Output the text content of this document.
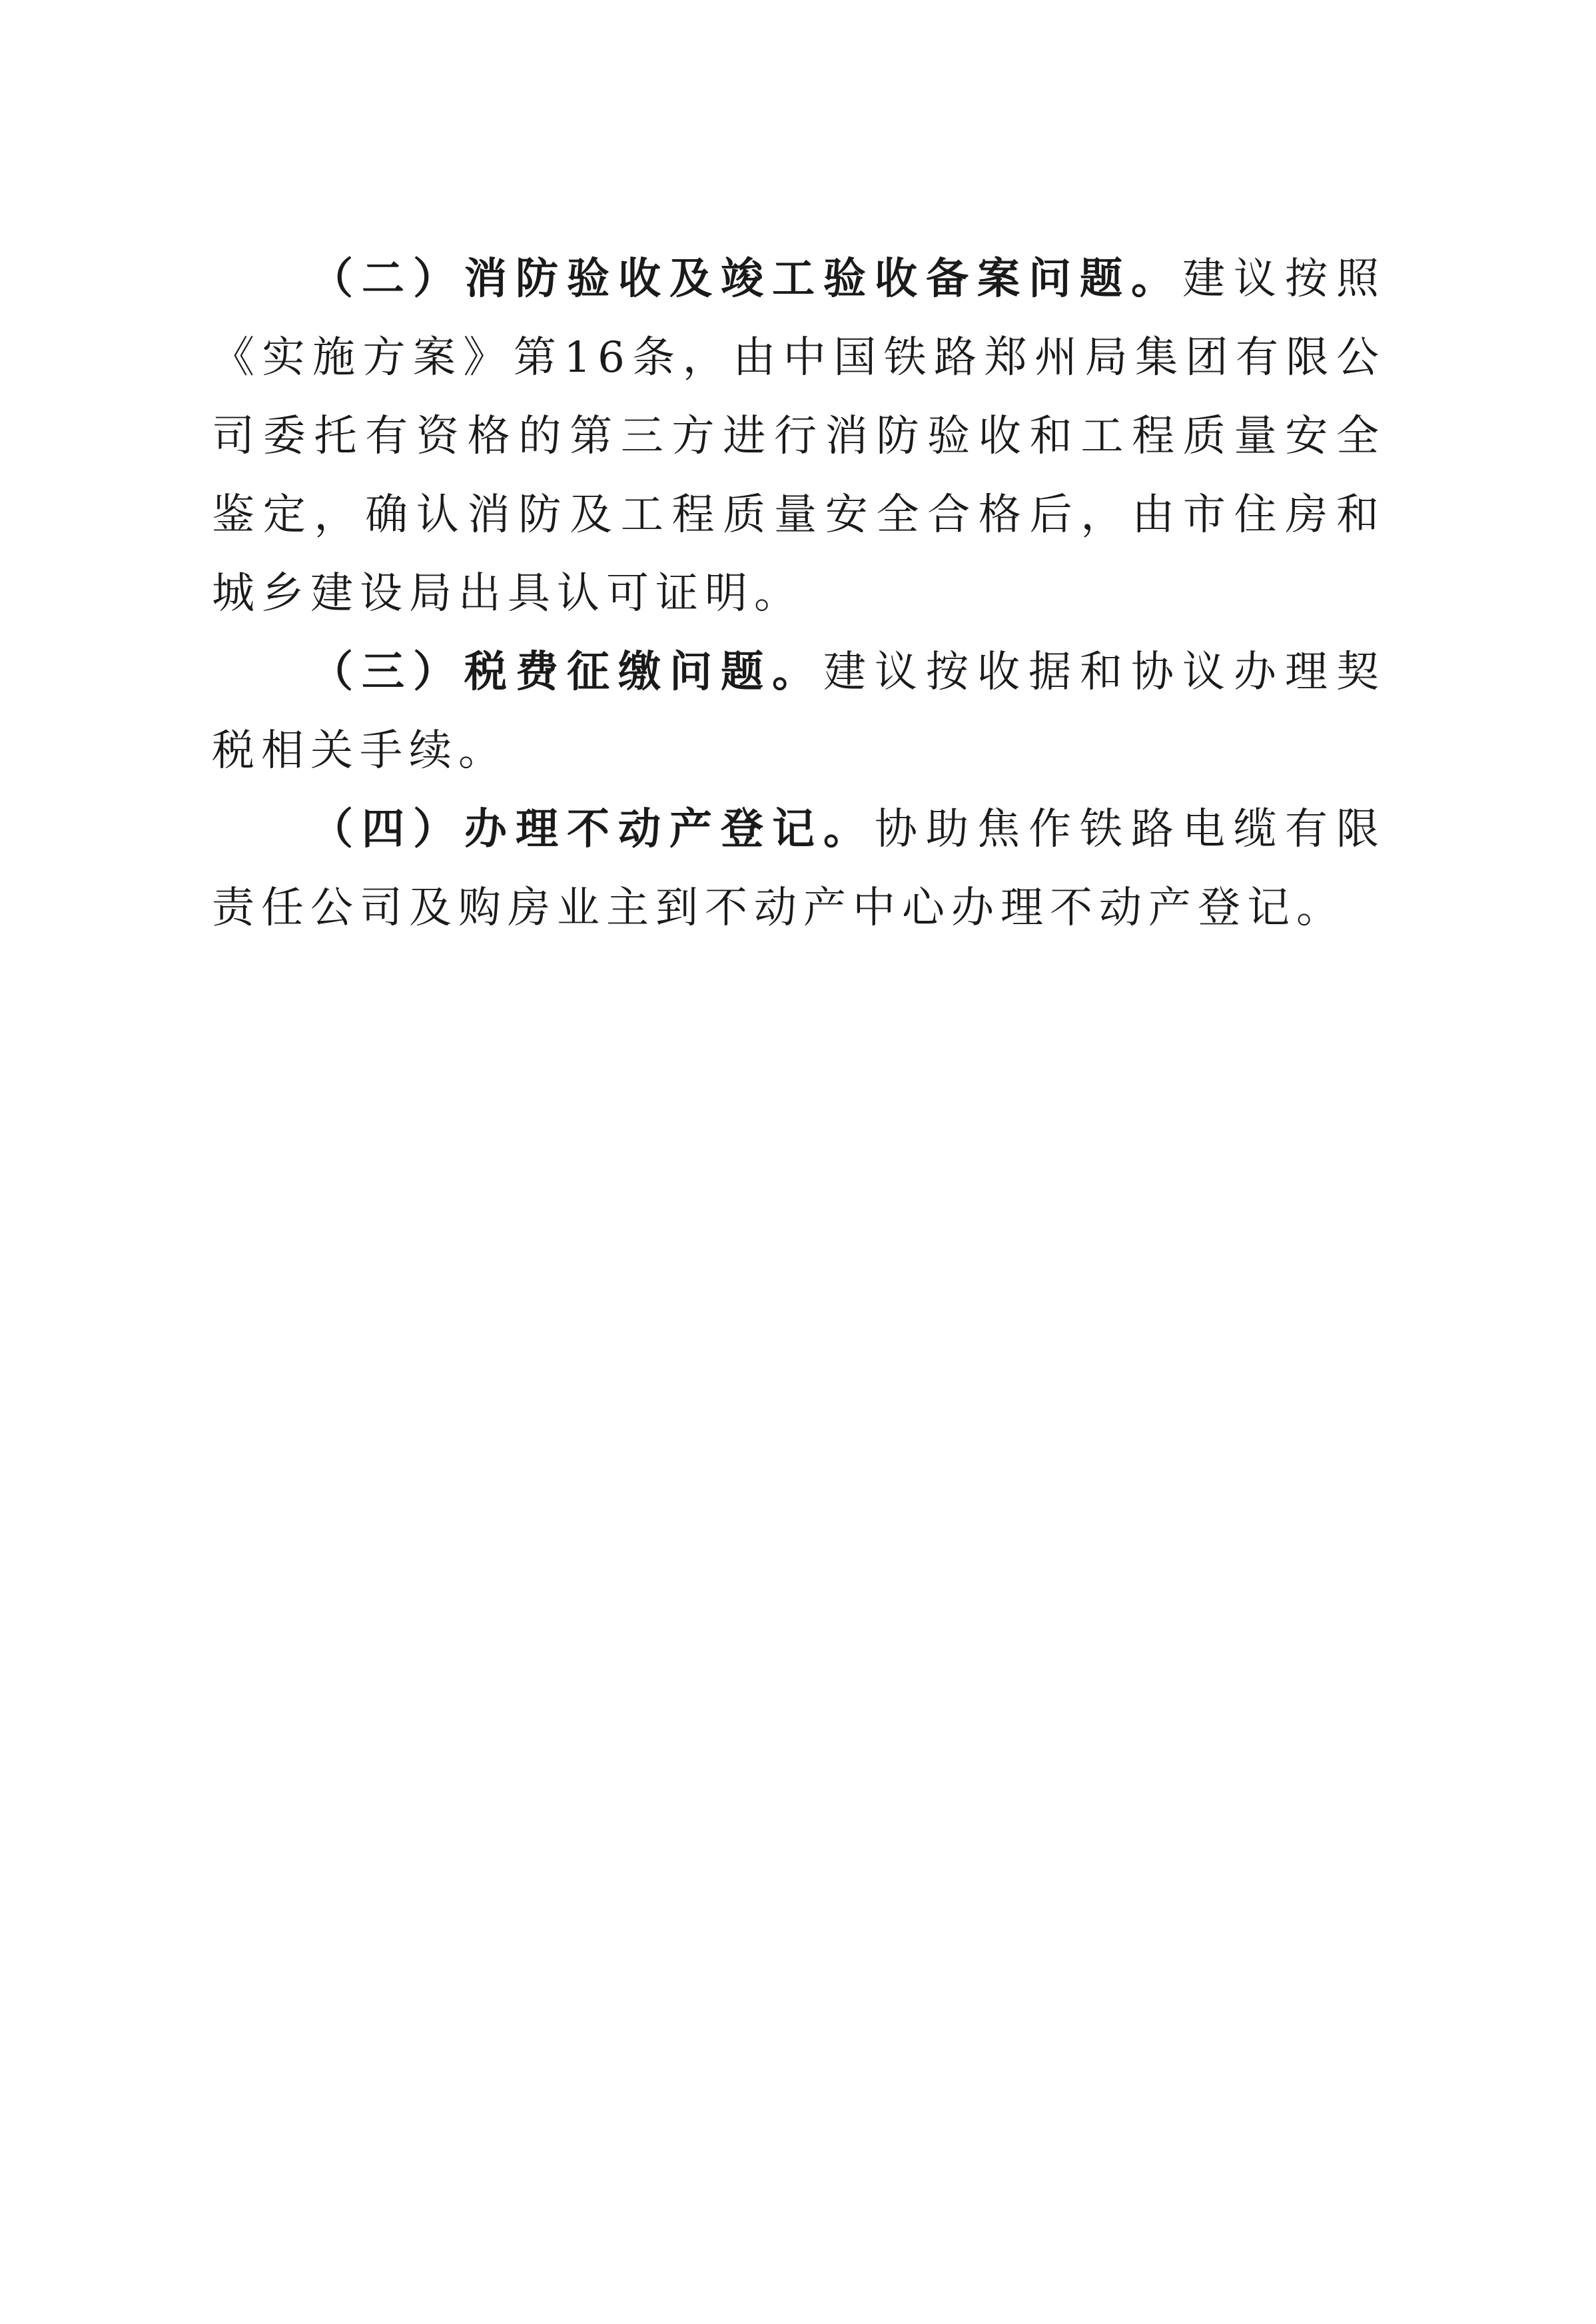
（二）消防验收及竣工验收备案问题。建议按照《实施方案》第16条，由中国铁路郑州局集团有限公司委托有资格的第三方进行消防验收和工程质量安全鉴定，确认消防及工程质量安全合格后，由市住房和城乡建设局出具认可证明。

（三）税费征缴问题。建议按收据和协议办理契税相关手续。

（四）办理不动产登记。协助焦作铁路电缆有限责任公司及购房业主到不动产中心办理不动产登记。
